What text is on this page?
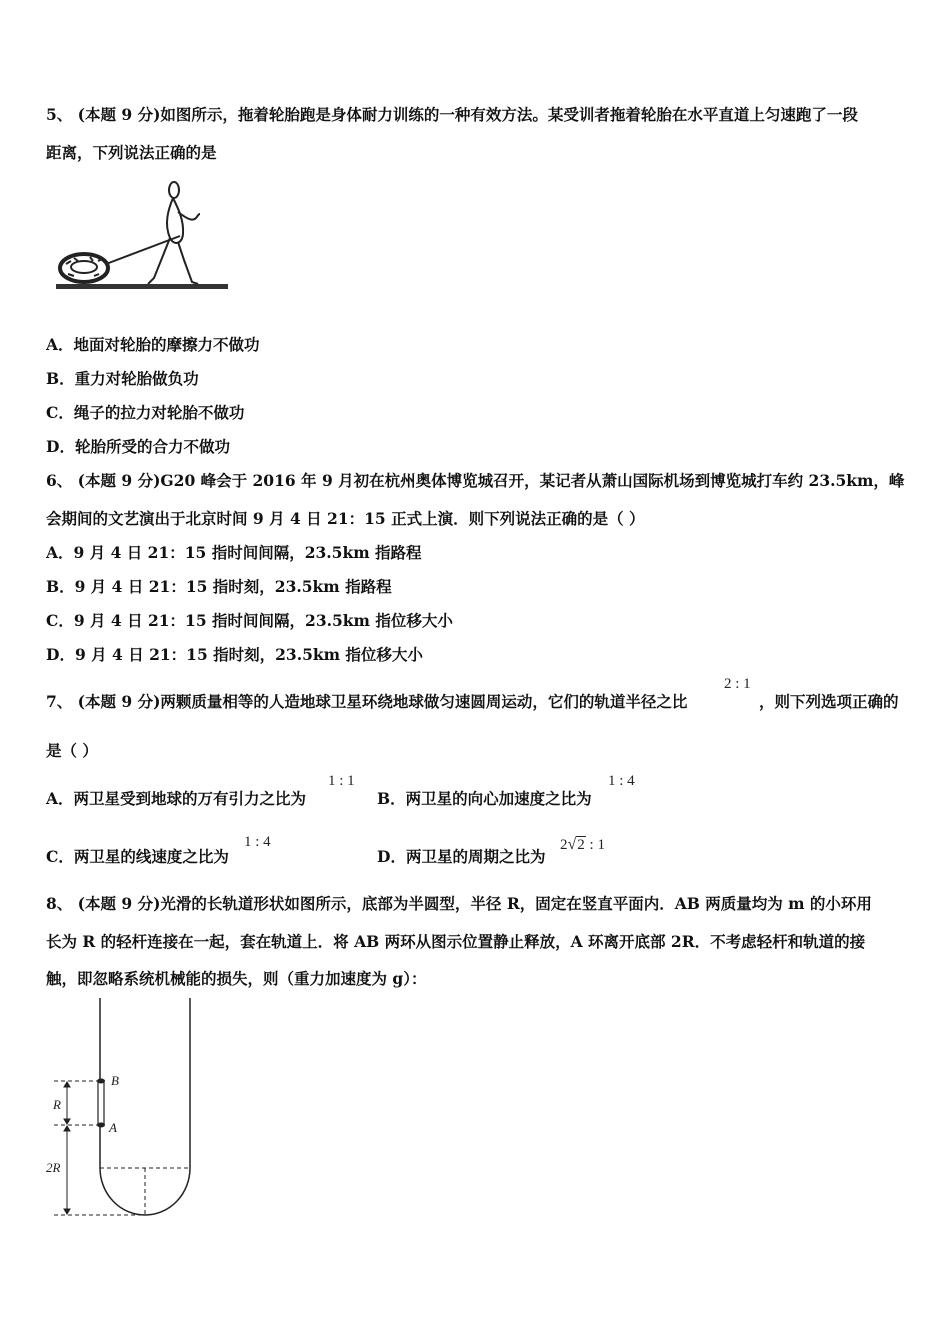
5、 (本题 9 分)如图所示，拖着轮胎跑是身体耐力训练的一种有效方法。某受训者拖着轮胎在水平直道上匀速跑了一段
距离，下列说法正确的是
A．地面对轮胎的摩擦力不做功
B．重力对轮胎做负功
C．绳子的拉力对轮胎不做功
D．轮胎所受的合力不做功
6、 (本题 9 分)G20 峰会于 2016 年 9 月初在杭州奥体博览城召开，某记者从萧山国际机场到博览城打车约 23.5km，峰
会期间的文艺演出于北京时间 9 月 4 日 21：15 正式上演．则下列说法正确的是（ ）
A．9 月 4 日 21：15 指时间间隔，23.5km 指路程
B．9 月 4 日 21：15 指时刻，23.5km 指路程
C．9 月 4 日 21：15 指时间间隔，23.5km 指位移大小
D．9 月 4 日 21：15 指时刻，23.5km 指位移大小
7、 (本题 9 分)两颗质量相等的人造地球卫星环绕地球做匀速圆周运动，它们的轨道半径之比
2 : 1
，则下列选项正确的
是（ ）
A．两卫星受到地球的万有引力之比为
1 : 1
B．两卫星的向心加速度之比为
1 : 4
C．两卫星的线速度之比为
1 : 4
D．两卫星的周期之比为
2√2 : 1
8、 (本题 9 分)光滑的长轨道形状如图所示，底部为半圆型，半径 R，固定在竖直平面内．AB 两质量均为 m 的小环用
长为 R 的轻杆连接在一起，套在轨道上．将 AB 两环从图示位置静止释放，A 环离开底部 2R．不考虑轻杆和轨道的接
触，即忽略系统机械能的损失，则（重力加速度为 g）：
B
A
R
2R
